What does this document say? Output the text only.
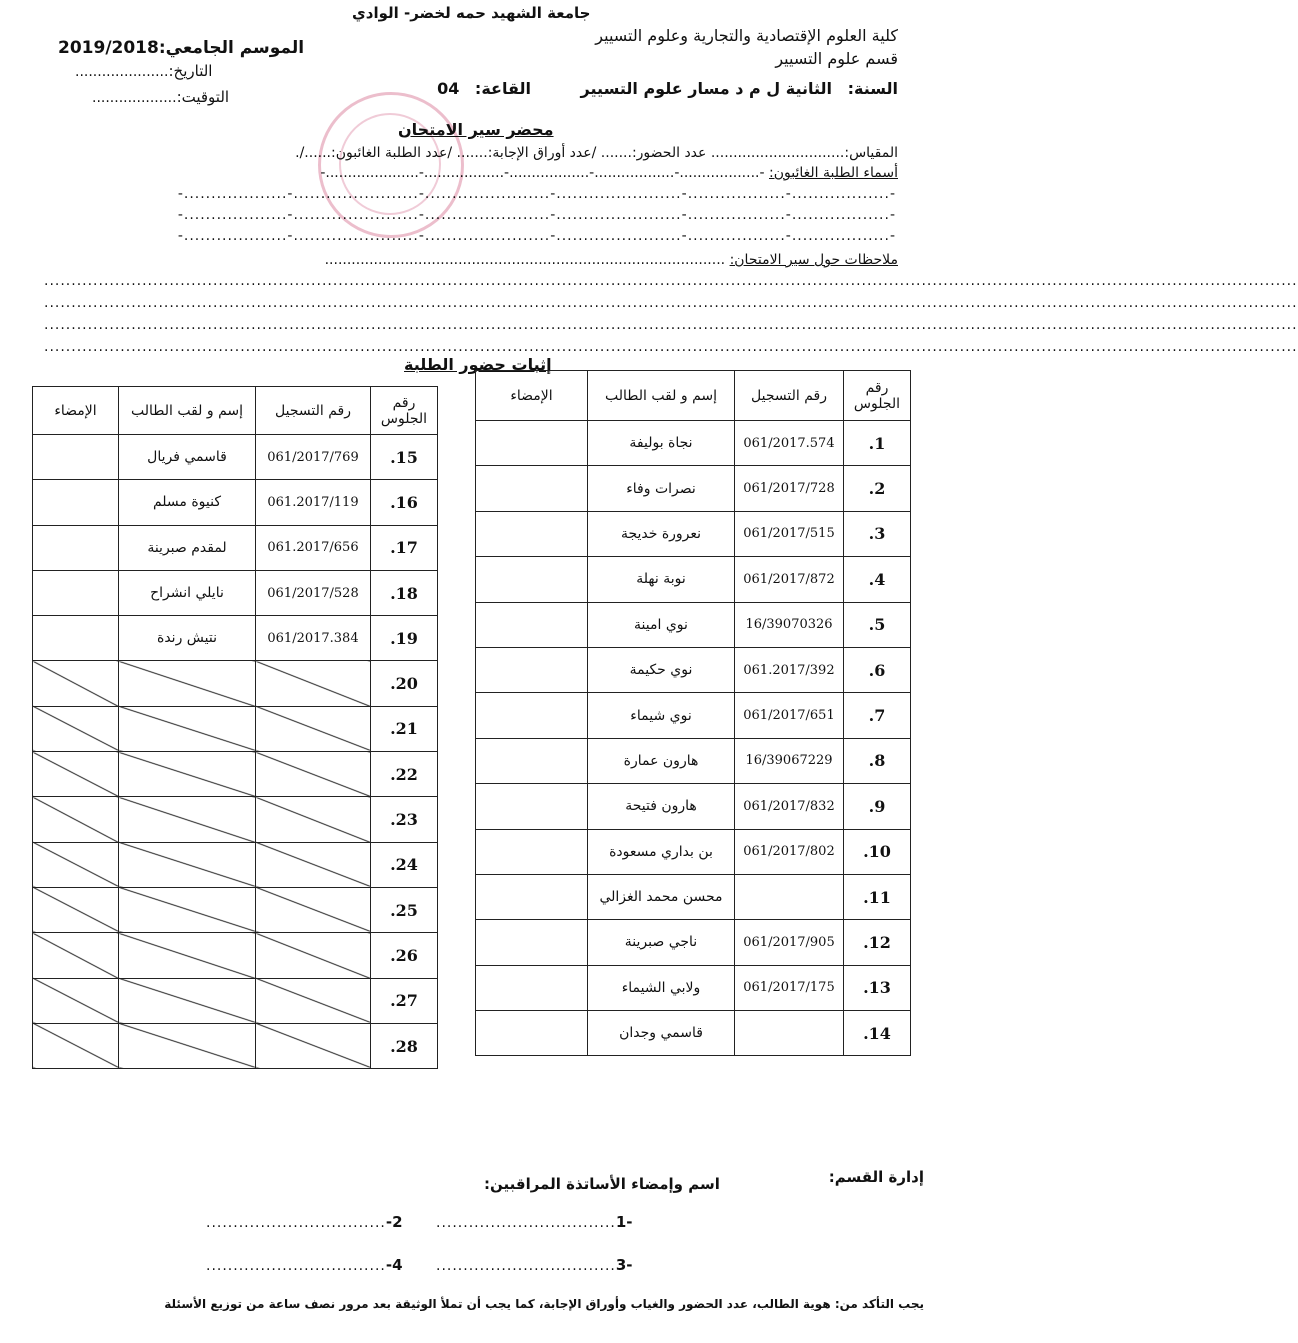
جامعة الشهيد حمه لخضر- الوادي
كلية العلوم الإقتصادية والتجارية وعلوم التسيير
قسم علوم التسيير
الموسم الجامعي:2019/2018
التاريخ:.....................
التوقيت:...................	السنة: الثانية ل م د مسار علوم التسيير القاعة: 04
محضر سير الامتحان
المقياس:.............................. عدد الحضور:....... /عدد أوراق الإجابة:....... /عدد الطلبة الغائبون:....../.
أسماء الطلبة الغائبون: -..................-..................-..................-..................-.....................-
-...................-.......................-.......................-.......................-..................-..................-
-...................-.......................-.......................-.......................-..................-..................-
-...................-.......................-.......................-.......................-..................-..................-
ملاحظات حول سير الامتحان: ..........................................................................................
......................................................................................................................................................................................................................................
......................................................................................................................................................................................................................................
......................................................................................................................................................................................................................................
......................................................................................................................................................................................................................................
إثبات حضور الطلبة
رقم الجلوس	رقم التسجيل	إسم و لقب الطالب	الإمضاء
1.	061/2017.574	نجاة بوليفة	
2.	061/2017/728	نصرات وفاء	
3.	061/2017/515	نعرورة خديجة	
4.	061/2017/872	نوبة نهلة	
5.	16/39070326	نوي امينة	
6.	061.2017/392	نوي حكيمة	
7.	061/2017/651	نوي شيماء	
8.	16/39067229	هارون عمارة	
9.	061/2017/832	هارون فتيحة	
10.	061/2017/802	بن بداري مسعودة	
11.		محسن محمد الغزالي	
12.	061/2017/905	ناجي صبرينة	
13.	061/2017/175	ولابي الشيماء	
14.		قاسمي وجدان	
رقم الجلوس	رقم التسجيل	إسم و لقب الطالب	الإمضاء
15.	061/2017/769	قاسمي فريال	
16.	061.2017/119	كنيوة مسلم	
17.	061.2017/656	لمقدم صبرينة	
18.	061/2017/528	نايلي انشراح	
19.	061/2017.384	نتيش رندة	
20.			
21.			
22.			
23.			
24.			
25.			
26.			
27.			
28.			
إدارة القسم:
اسم وإمضاء الأساتذة المراقبين:
.................................-2 .................................1-
.................................-4 .................................3-
يجب التأكد من: هوية الطالب، عدد الحضور والغياب وأوراق الإجابة، كما يجب أن تملأ الوثيقة بعد مرور نصف ساعة من توزيع الأسئلة
